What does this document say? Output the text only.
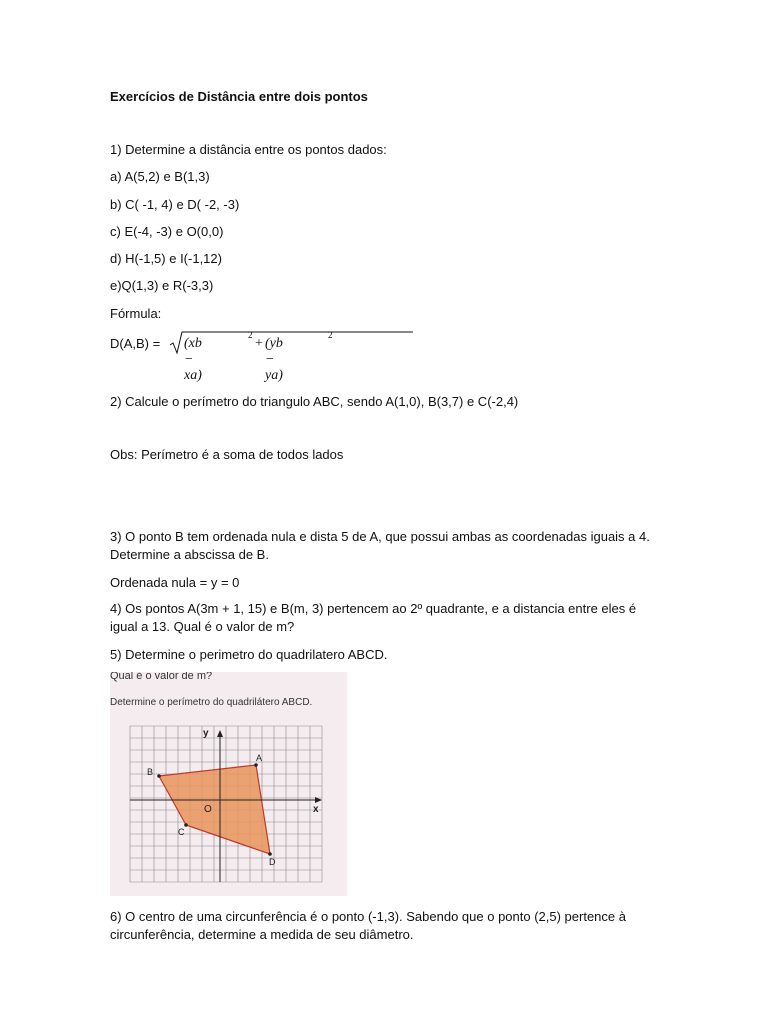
Exercícios de Distância entre dois pontos
1) Determine a distância entre os pontos dados:
a) A(5,2) e B(1,3)
b) C( -1, 4) e D( -2, -3)
c) E(-4, -3) e O(0,0)
d) H(-1,5) e I(-1,12)
e)Q(1,3) e R(-3,3)
Fórmula:
D(A,B) = (xb − xa)
2
+ (yb − ya)
2
2) Calcule o perímetro do triangulo ABC, sendo A(1,0), B(3,7) e C(-2,4)
Obs: Perímetro é a soma de todos lados
3) O ponto B tem ordenada nula e dista 5 de A, que possui ambas as coordenadas iguais a 4.
Determine a abscissa de B.
Ordenada nula = y = 0
4) Os pontos A(3m + 1, 15) e B(m, 3) pertencem ao 2º quadrante, e a distancia entre eles é
igual a 13. Qual é o valor de m?
5) Determine o perimetro do quadrilatero ABCD.
Qual é o valor de m?
Determine o perímetro do quadrilátero ABCD.
y
x
O
A
B
C
D
6) O centro de uma circunferência é o ponto (-1,3). Sabendo que o ponto (2,5) pertence à
circunferência, determine a medida de seu diâmetro.
